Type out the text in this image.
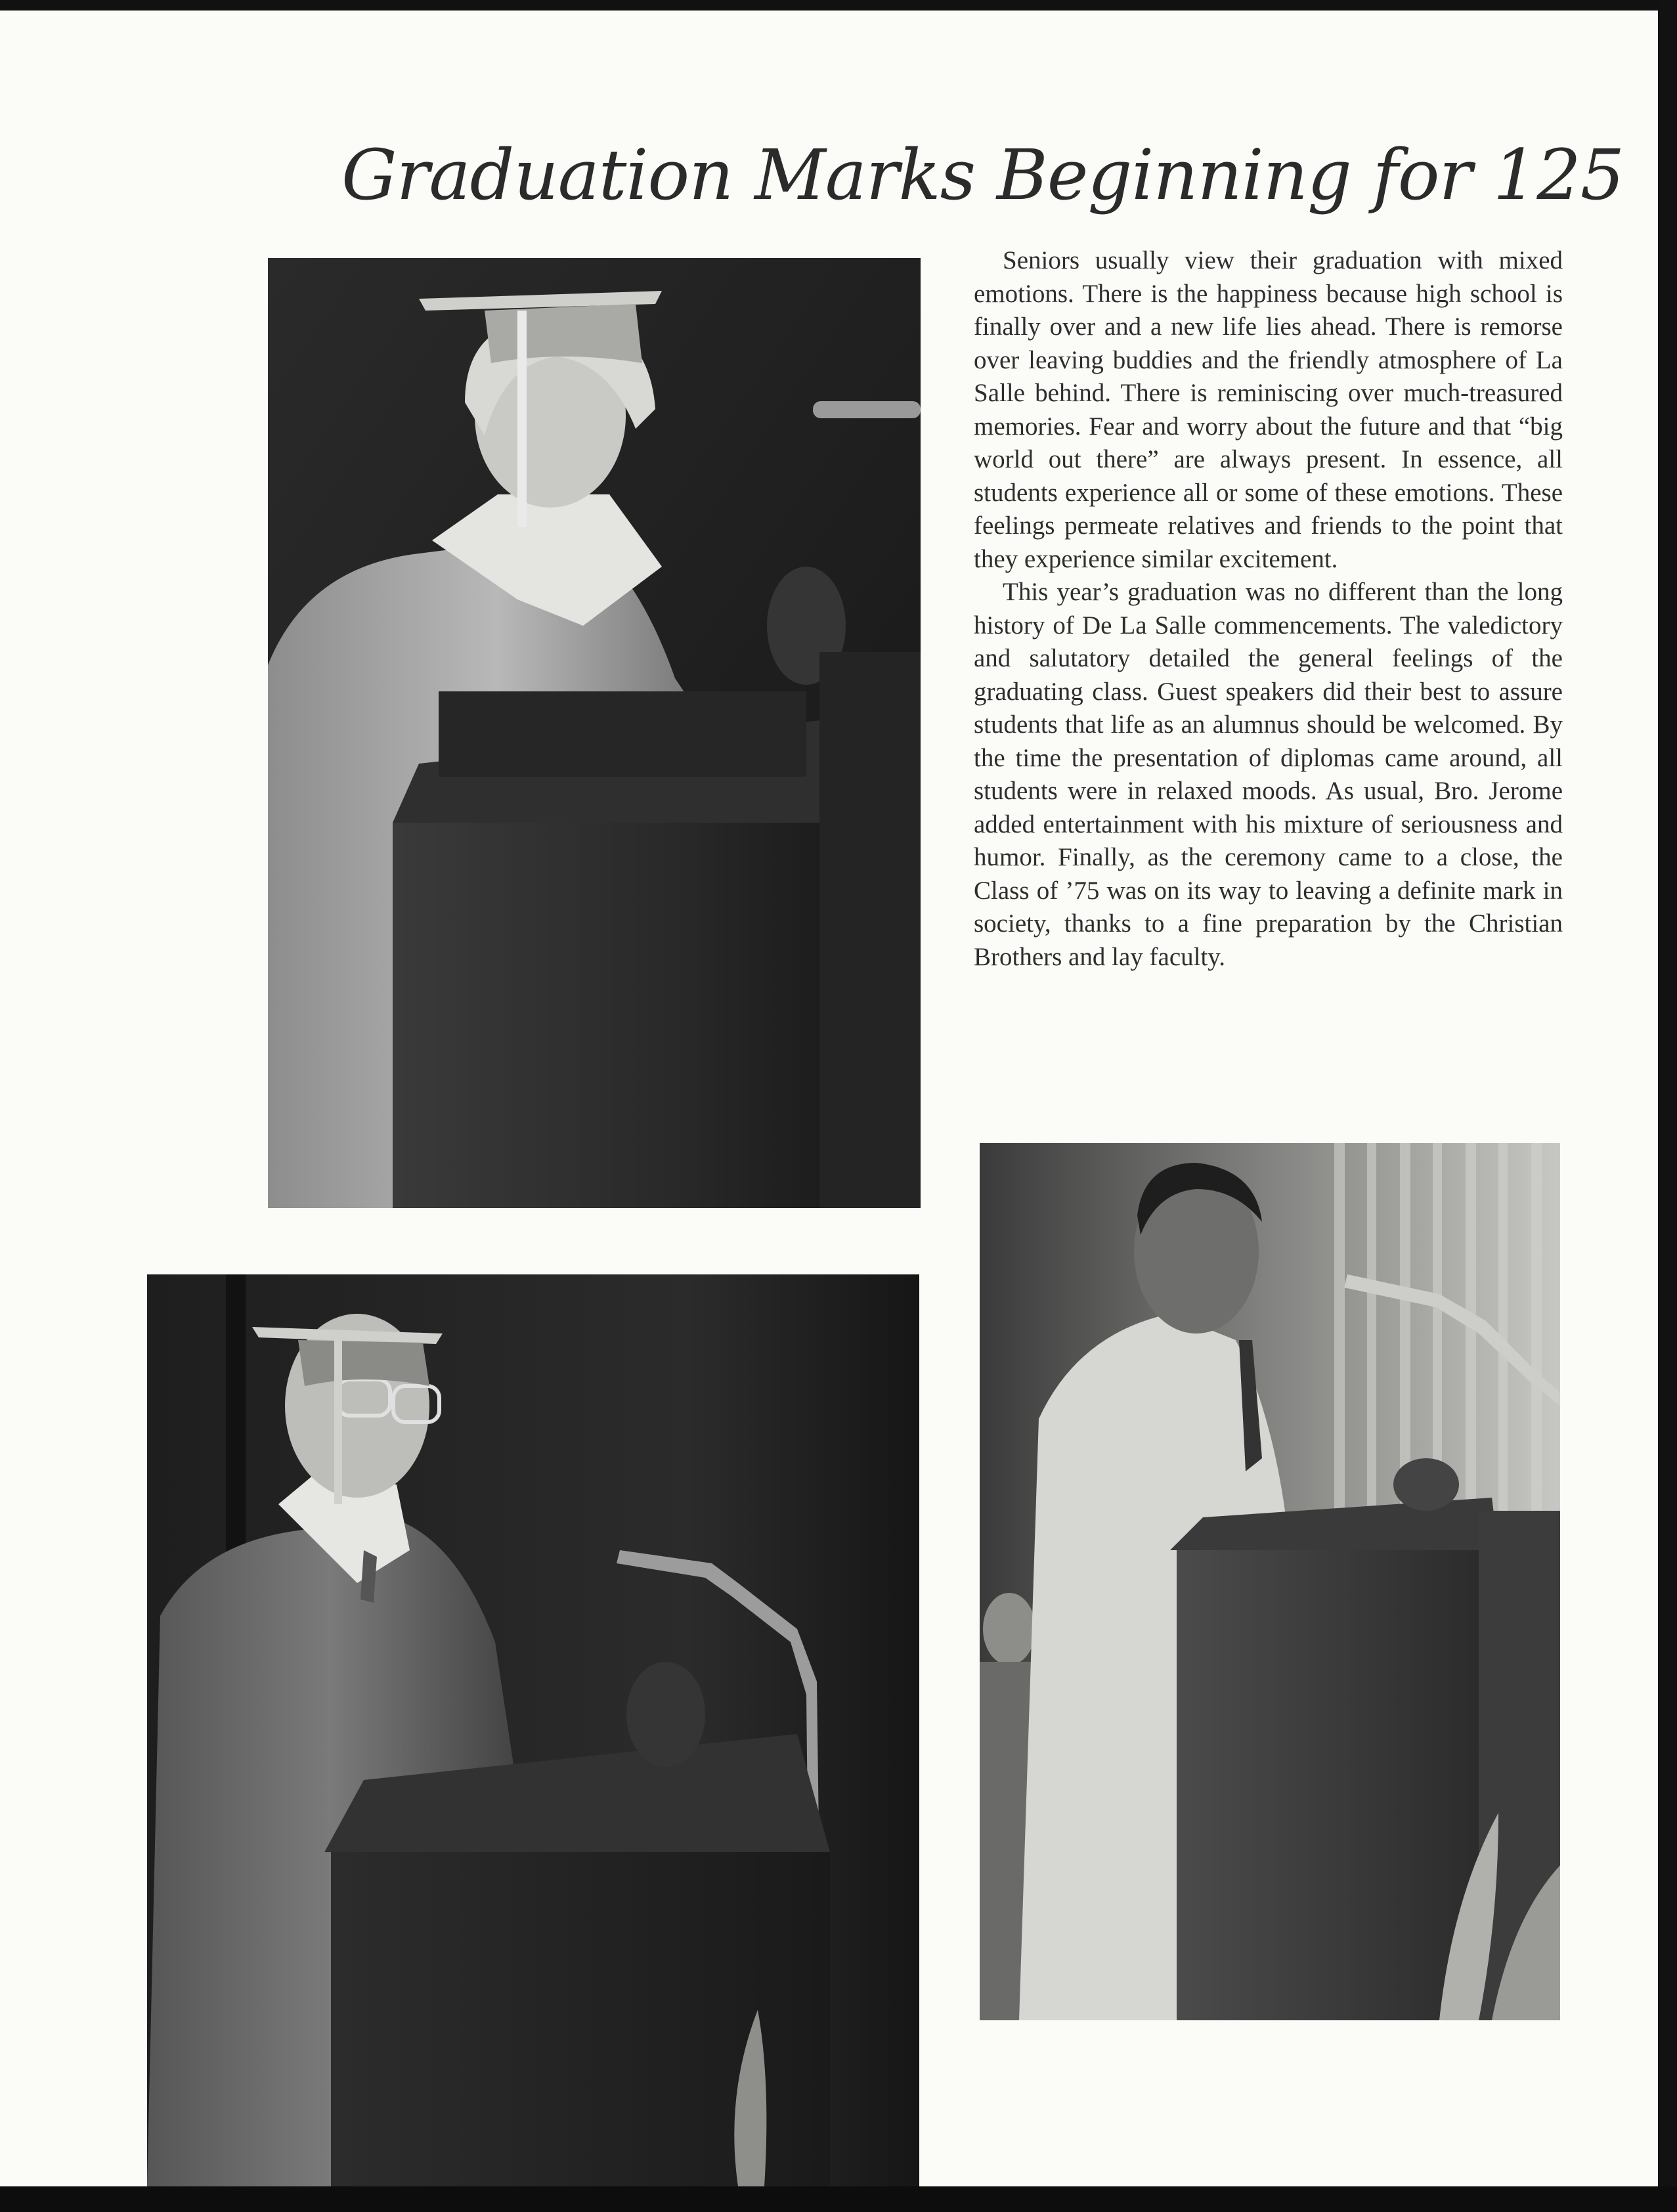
Graduation Marks Beginning for 125

Seniors usually view their graduation with mixed emotions. There is the happiness because high school is finally over and a new life lies ahead. There is remorse over leaving buddies and the friendly atmosphere of La Salle behind. There is reminiscing over much-treasured memories. Fear and worry about the future and that “big world out there” are always present. In essence, all students experience all or some of these emotions. These feelings permeate relatives and friends to the point that they experience similar excitement.

This year’s graduation was no different than the long history of De La Salle commencements. The valedictory and salutatory detailed the general feelings of the graduating class. Guest speakers did their best to assure students that life as an alumnus should be welcomed. By the time the presentation of diplomas came around, all students were in relaxed moods. As usual, Bro. Jerome added entertainment with his mixture of seriousness and humor. Finally, as the ceremony came to a close, the Class of ’75 was on its way to leaving a definite mark in society, thanks to a fine preparation by the Christian Brothers and lay faculty.
